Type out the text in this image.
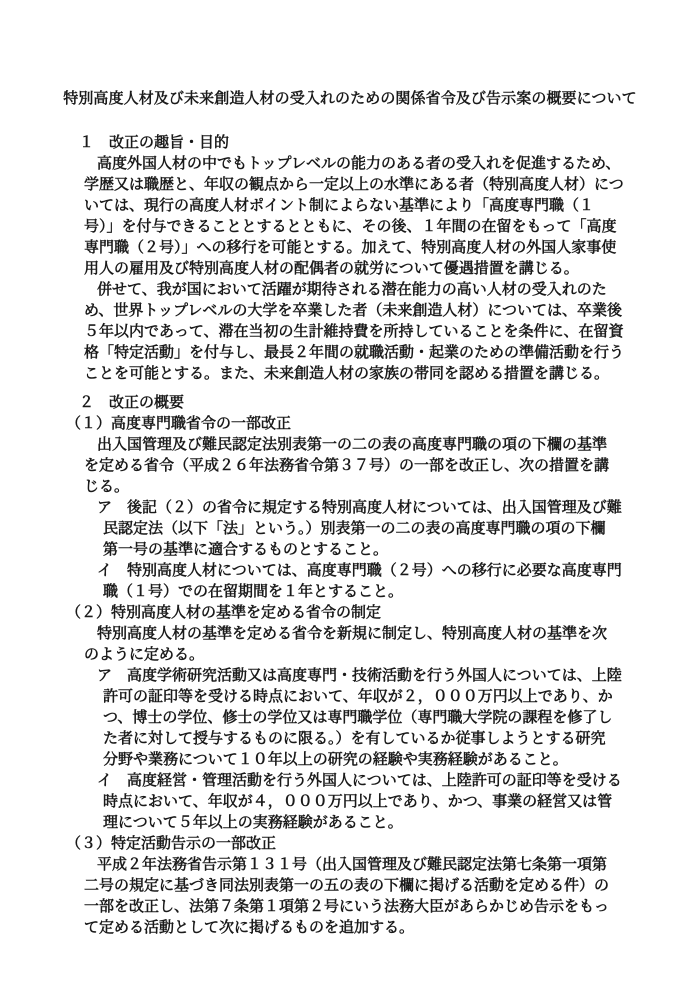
特別高度人材及び未来創造人材の受入れのための関係省令及び告示案の概要について
１　改正の趣旨・目的
高度外国人材の中でもトップレベルの能力のある者の受入れを促進するため、
学歴又は職歴と、年収の観点から一定以上の水準にある者（特別高度人材）につ
いては、現行の高度人材ポイント制によらない基準により「高度専門職（１
号）」を付与できることとするとともに、その後、１年間の在留をもって「高度
専門職（２号）」への移行を可能とする。加えて、特別高度人材の外国人家事使
用人の雇用及び特別高度人材の配偶者の就労について優遇措置を講じる。
併せて、我が国において活躍が期待される潜在能力の高い人材の受入れのた
め、世界トップレベルの大学を卒業した者（未来創造人材）については、卒業後
５年以内であって、滞在当初の生計維持費を所持していることを条件に、在留資
格「特定活動」を付与し、最長２年間の就職活動・起業のための準備活動を行う
ことを可能とする。また、未来創造人材の家族の帯同を認める措置を講じる。
２　改正の概要
（１）高度専門職省令の一部改正
出入国管理及び難民認定法別表第一の二の表の高度専門職の項の下欄の基準
を定める省令（平成２６年法務省令第３７号）の一部を改正し、次の措置を講
じる。
ア　後記（２）の省令に規定する特別高度人材については、出入国管理及び難
民認定法（以下「法」という。）別表第一の二の表の高度専門職の項の下欄
第一号の基準に適合するものとすること。
イ　特別高度人材については、高度専門職（２号）への移行に必要な高度専門
職（１号）での在留期間を１年とすること。
（２）特別高度人材の基準を定める省令の制定
特別高度人材の基準を定める省令を新規に制定し、特別高度人材の基準を次
のように定める。
ア　高度学術研究活動又は高度専門・技術活動を行う外国人については、上陸
許可の証印等を受ける時点において、年収が２，０００万円以上であり、か
つ、博士の学位、修士の学位又は専門職学位（専門職大学院の課程を修了し
た者に対して授与するものに限る。）を有しているか従事しようとする研究
分野や業務について１０年以上の研究の経験や実務経験があること。
イ　高度経営・管理活動を行う外国人については、上陸許可の証印等を受ける
時点において、年収が４，０００万円以上であり、かつ、事業の経営又は管
理について５年以上の実務経験があること。
（３）特定活動告示の一部改正
平成２年法務省告示第１３１号（出入国管理及び難民認定法第七条第一項第
二号の規定に基づき同法別表第一の五の表の下欄に掲げる活動を定める件）の
一部を改正し、法第７条第１項第２号にいう法務大臣があらかじめ告示をもっ
て定める活動として次に掲げるものを追加する。
